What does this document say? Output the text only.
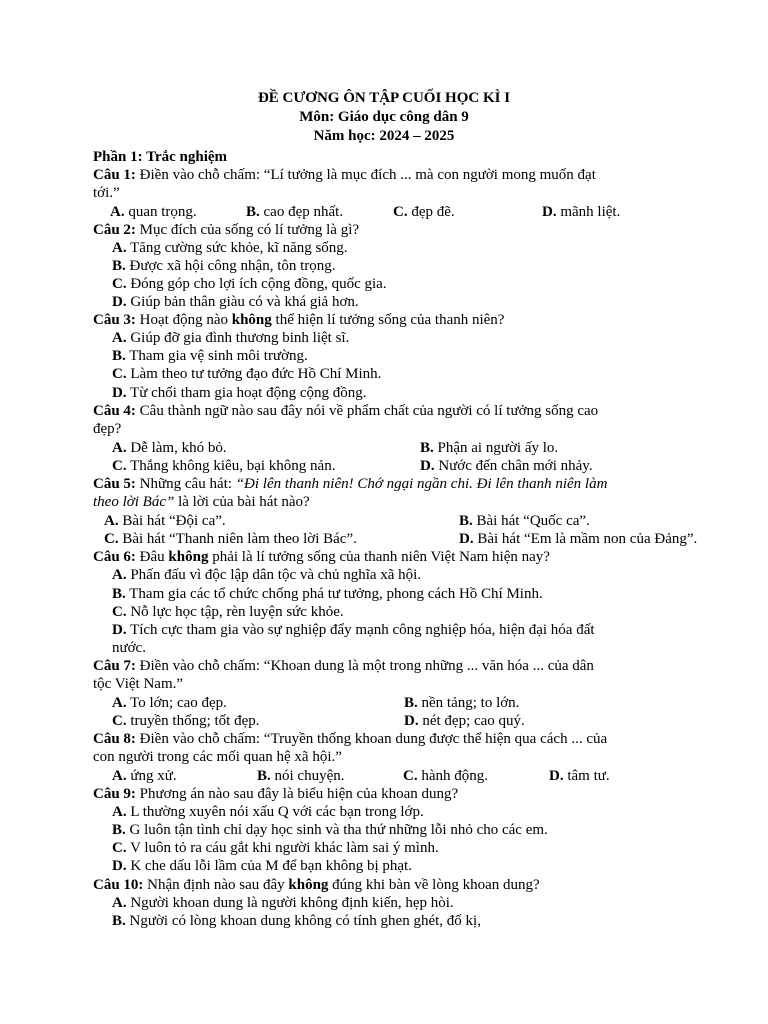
ĐỀ CƯƠNG ÔN TẬP CUỐI HỌC KÌ I
Môn: Giáo dục công dân 9
Năm học: 2024 – 2025
Phần 1: Trắc nghiệm
Câu 1: Điền vào chỗ chấm: “Lí tưởng là mục đích ... mà con người mong muốn đạt
tới.”
A. quan trọng.	B. cao đẹp nhất.	C. đẹp đẽ.	D. mãnh liệt.
Câu 2: Mục đích của sống có lí tưởng là gì?
A. Tăng cường sức khỏe, kĩ năng sống.
B. Được xã hội công nhận, tôn trọng.
C. Đóng góp cho lợi ích cộng đồng, quốc gia.
D. Giúp bản thân giàu có và khá giả hơn.
Câu 3: Hoạt động nào không thể hiện lí tưởng sống của thanh niên?
A. Giúp đỡ gia đình thương binh liệt sĩ.
B. Tham gia vệ sinh môi trường.
C. Làm theo tư tưởng đạo đức Hồ Chí Minh.
D. Từ chối tham gia hoạt động cộng đồng.
Câu 4: Câu thành ngữ nào sau đây nói về phẩm chất của người có lí tưởng sống cao
đẹp?
A. Dễ làm, khó bỏ.	B. Phận ai người ấy lo.
C. Thắng không kiêu, bại không nản.	D. Nước đến chân mới nhảy.
Câu 5: Những câu hát: “Đi lên thanh niên! Chớ ngại ngần chi. Đi lên thanh niên làm
theo lời Bác” là lời của bài hát nào?
A. Bài hát “Đội ca”.	B. Bài hát “Quốc ca”.
C. Bài hát “Thanh niên làm theo lời Bác”.	D. Bài hát “Em là mầm non của Đảng”.
Câu 6: Đâu không phải là lí tưởng sống của thanh niên Việt Nam hiện nay?
A. Phấn đấu vì độc lập dân tộc và chủ nghĩa xã hội.
B. Tham gia các tổ chức chống phá tư tưởng, phong cách Hồ Chí Minh.
C. Nỗ lực học tập, rèn luyện sức khỏe.
D. Tích cực tham gia vào sự nghiệp đẩy mạnh công nghiệp hóa, hiện đại hóa đất
nước.
Câu 7: Điền vào chỗ chấm: “Khoan dung là một trong những ... văn hóa ... của dân
tộc Việt Nam.”
A. To lớn; cao đẹp.	B. nền tảng; to lớn.
C. truyền thống; tốt đẹp.	D. nét đẹp; cao quý.
Câu 8: Điền vào chỗ chấm: “Truyền thống khoan dung được thể hiện qua cách ... của
con người trong các mối quan hệ xã hội.”
A. ứng xử.	B. nói chuyện.	C. hành động.	D. tâm tư.
Câu 9: Phương án nào sau đây là biểu hiện của khoan dung?
A. L thường xuyên nói xấu Q với các bạn trong lớp.
B. G luôn tận tình chỉ dạy học sinh và tha thứ những lỗi nhỏ cho các em.
C. V luôn tỏ ra cáu gắt khi người khác làm sai ý mình.
D. K che dấu lỗi lầm của M để bạn không bị phạt.
Câu 10: Nhận định nào sau đây không đúng khi bàn về lòng khoan dung?
A. Người khoan dung là người không định kiến, hẹp hòi.
B. Người có lòng khoan dung không có tính ghen ghét, đố kị,
